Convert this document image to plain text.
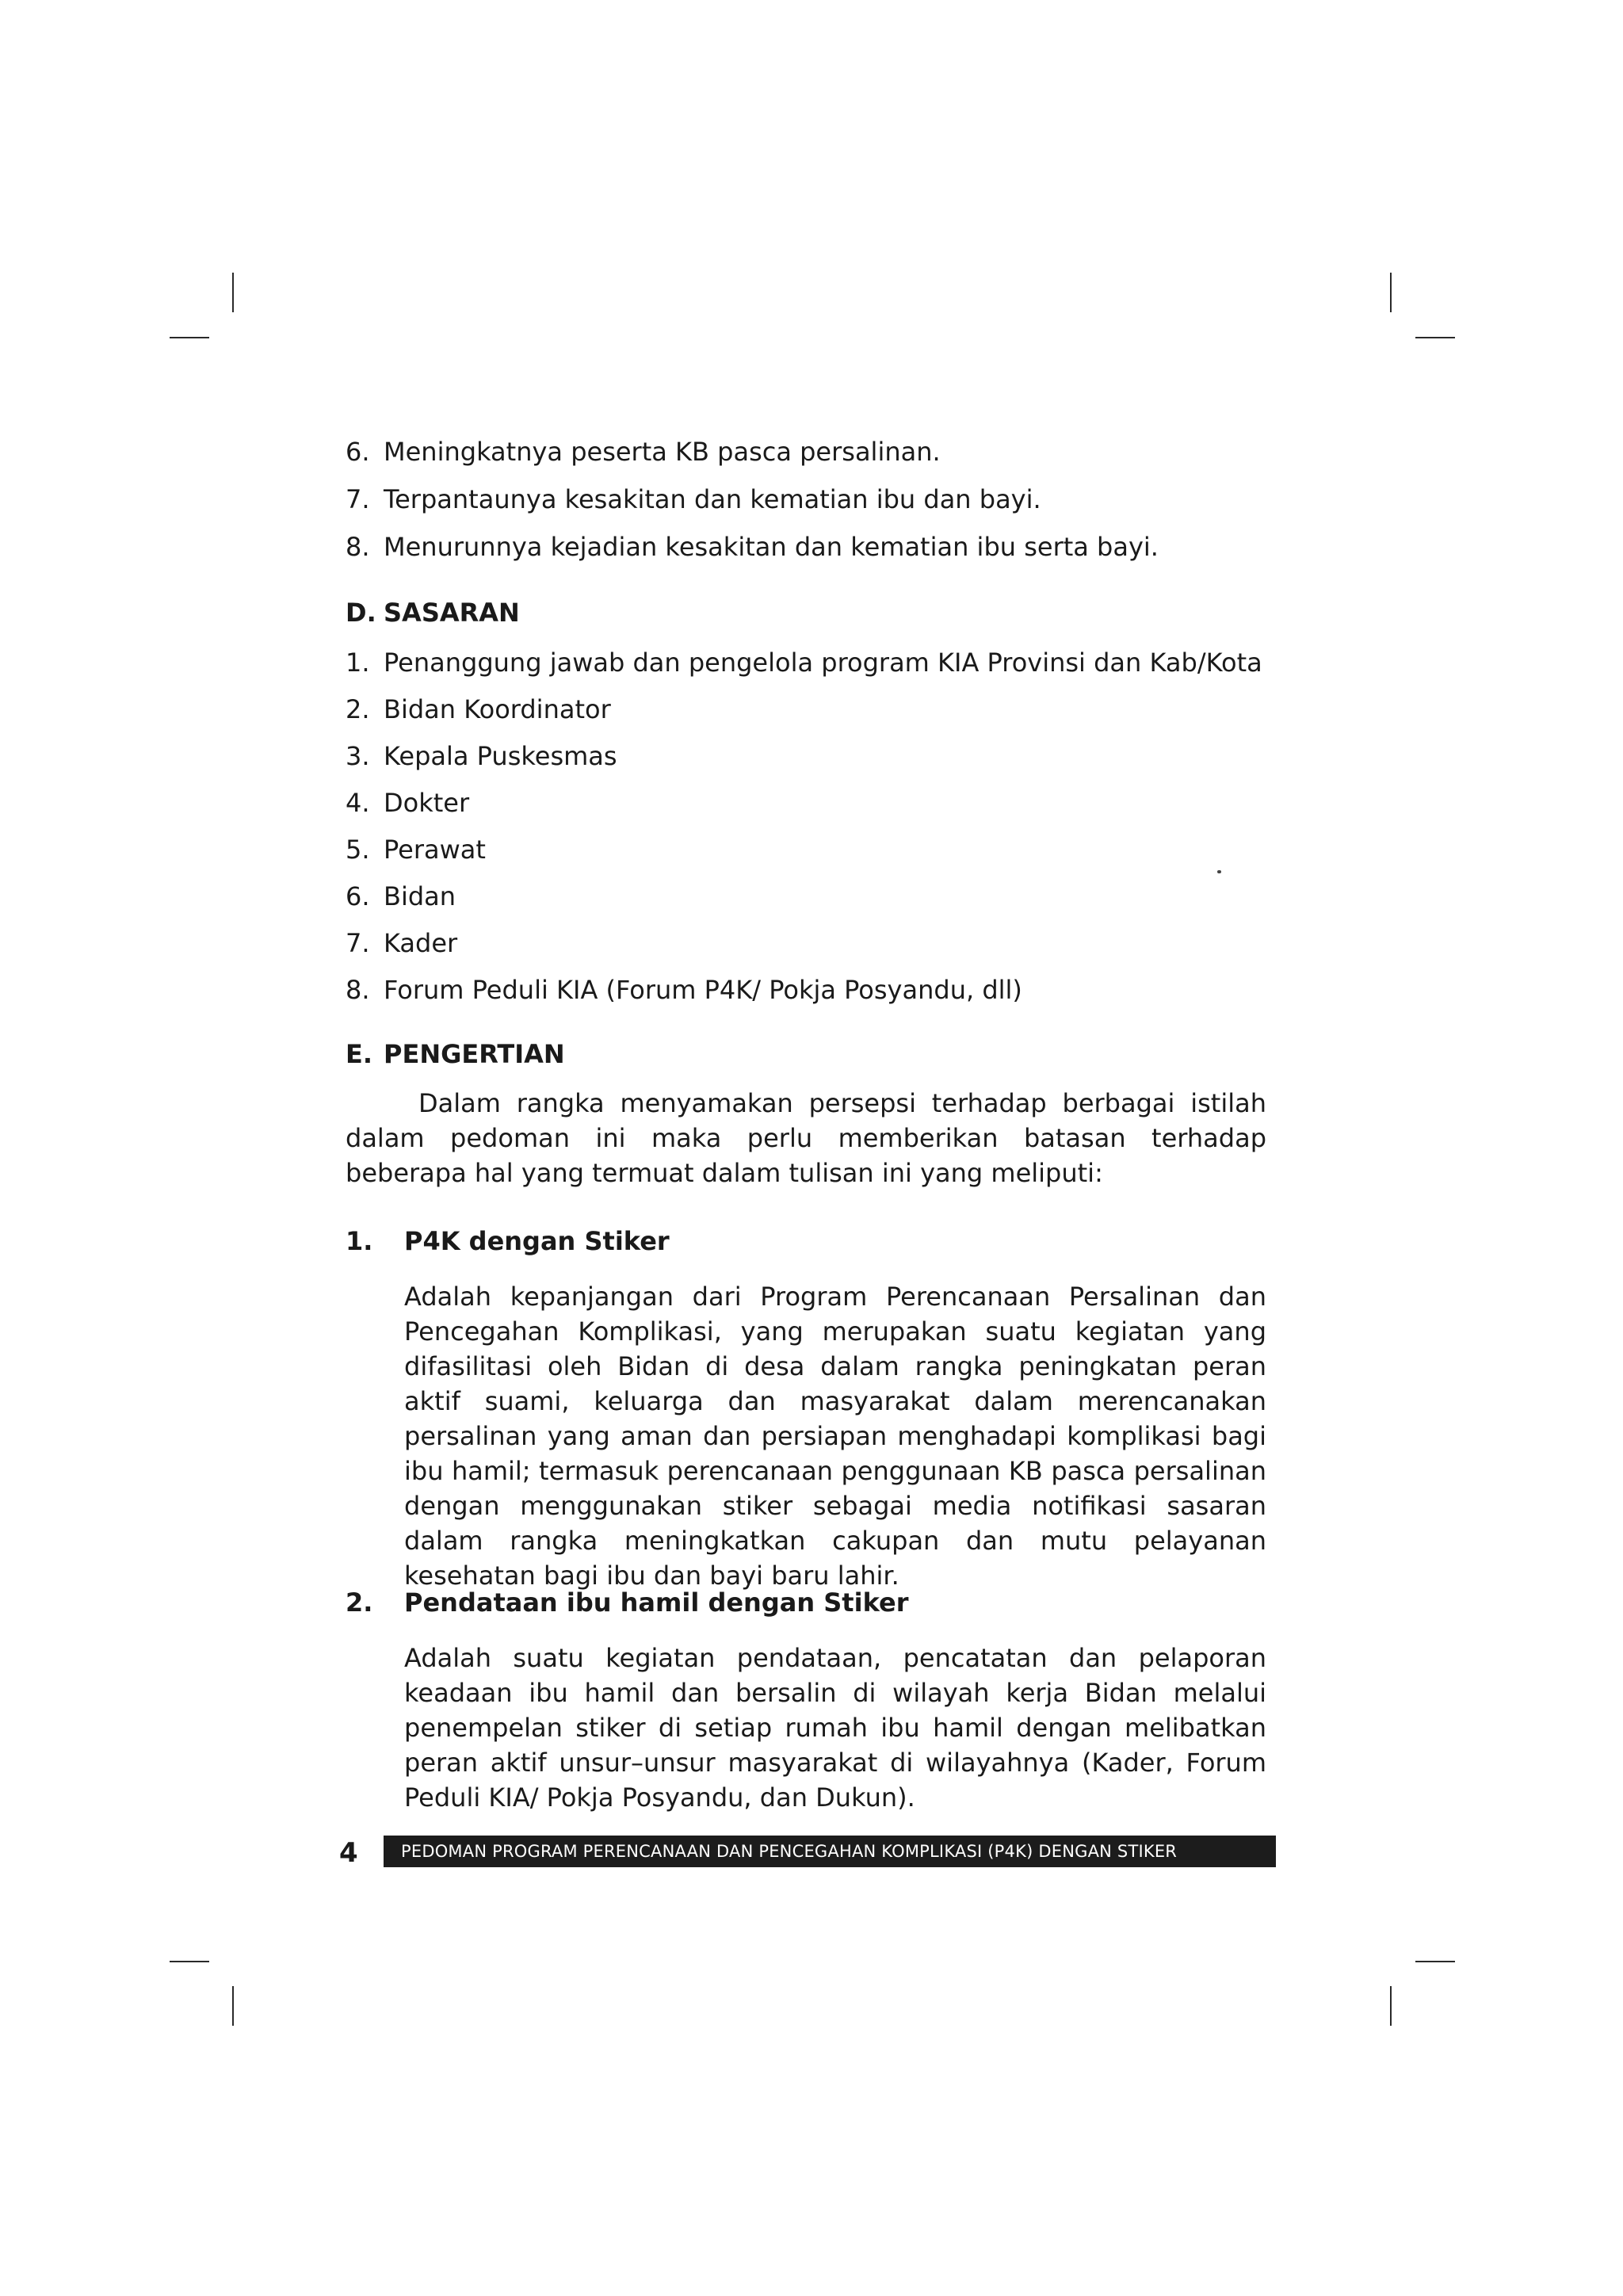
6. Meningkatnya peserta KB pasca persalinan.
7. Terpantaunya kesakitan dan kematian ibu dan bayi.
8. Menurunnya kejadian kesakitan dan kematian ibu serta bayi.
D. SASARAN
1. Penanggung jawab dan pengelola program KIA Provinsi dan Kab/Kota
2. Bidan Koordinator
3. Kepala Puskesmas
4. Dokter
5. Perawat
6. Bidan
7. Kader
8. Forum Peduli KIA (Forum P4K/ Pokja Posyandu, dll)
E. PENGERTIAN
Dalam rangka menyamakan persepsi terhadap berbagai istilah dalam pedoman ini maka perlu memberikan batasan terhadap beberapa hal yang termuat dalam tulisan ini yang meliputi:
1. P4K dengan Stiker
Adalah kepanjangan dari Program Perencanaan Persalinan dan Pencegahan Komplikasi, yang merupakan suatu kegiatan yang difasilitasi oleh Bidan di desa dalam rangka peningkatan peran aktif suami, keluarga dan masyarakat dalam merencanakan persalinan yang aman dan persiapan menghadapi komplikasi bagi ibu hamil; termasuk perencanaan penggunaan KB pasca persalinan dengan menggunakan stiker sebagai media notifikasi sasaran dalam rangka meningkatkan cakupan dan mutu pelayanan kesehatan bagi ibu dan bayi baru lahir.
2. Pendataan ibu hamil dengan Stiker
Adalah suatu kegiatan pendataan, pencatatan dan pelaporan keadaan ibu hamil dan bersalin di wilayah kerja Bidan melalui penempelan stiker di setiap rumah ibu hamil dengan melibatkan peran aktif unsur–unsur masyarakat di wilayahnya (Kader, Forum Peduli KIA/ Pokja Posyandu, dan Dukun).
4	PEDOMAN PROGRAM PERENCANAAN DAN PENCEGAHAN KOMPLIKASI (P4K) DENGAN STIKER
